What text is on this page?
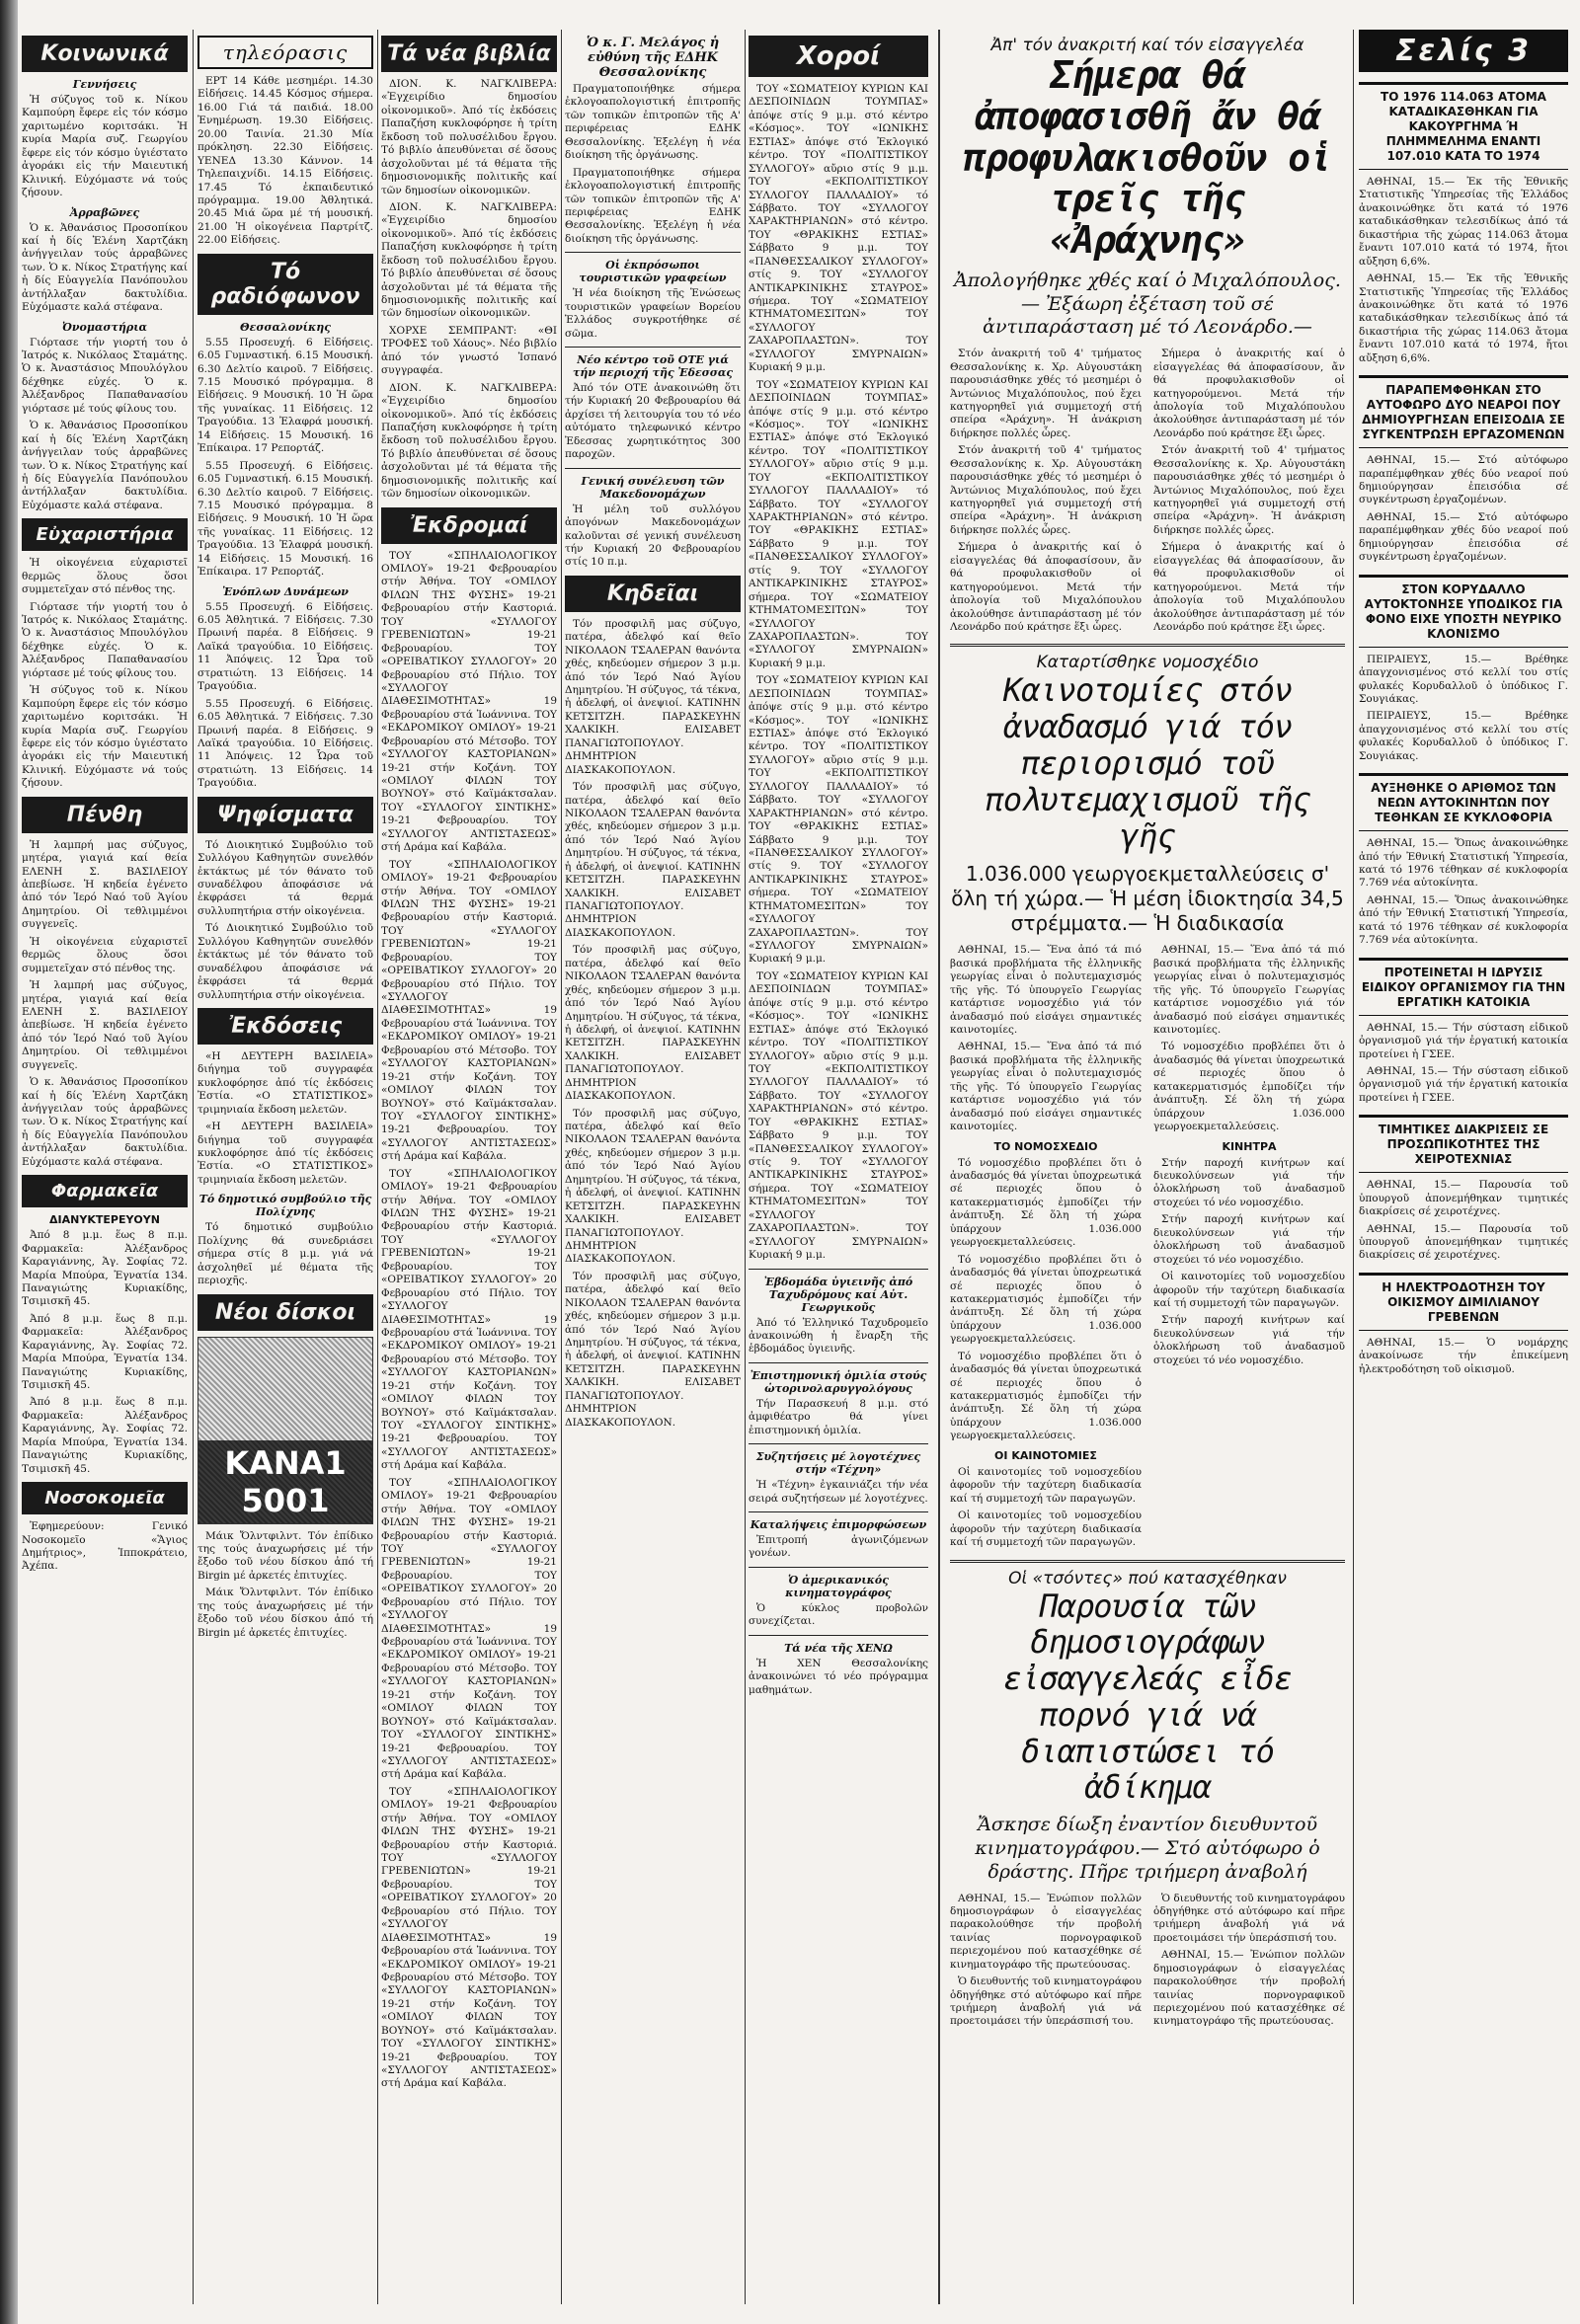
Κοινωνικά
Γεννήσεις

Ἡ σύζυγος τοῦ κ. Νίκου Καμπούρη ἔφερε εἰς τόν κόσμο χαριτωμένο κοριτσάκι. Ἡ κυρία Μαρία συζ. Γεωργίου ἔφερε εἰς τόν κόσμο ὑγιέστατο ἀγοράκι εἰς τήν Μαιευτική Κλινική. Εὐχόμαστε νά τούς ζήσουν.

Ἀρραβῶνες

Ὁ κ. Ἀθανάσιος Προσοπίκου καί ἡ δίς Ἑλένη Χαρτζάκη ἀνήγγειλαν τούς ἀρραβῶνες των. Ὁ κ. Νίκος Στρατήγης καί ἡ δίς Εὐαγγελία Πανόπουλου ἀντήλλαξαν δακτυλίδια. Εὐχόμαστε καλά στέφανα.

Ὀνομαστήρια

Γιόρτασε τήν γιορτή του ὁ Ἰατρός κ. Νικόλαος Σταμάτης. Ὁ κ. Ἀναστάσιος Μπουλόγλου δέχθηκε εὐχές. Ὁ κ. Ἀλέξανδρος Παπαθανασίου γιόρτασε μέ τούς φίλους του.

Ὁ κ. Ἀθανάσιος Προσοπίκου καί ἡ δίς Ἑλένη Χαρτζάκη ἀνήγγειλαν τούς ἀρραβῶνες των. Ὁ κ. Νίκος Στρατήγης καί ἡ δίς Εὐαγγελία Πανόπουλου ἀντήλλαξαν δακτυλίδια. Εὐχόμαστε καλά στέφανα.

Εὐχαριστήρια

Ἡ οἰκογένεια εὐχαριστεῖ θερμῶς ὅλους ὅσοι συμμετεῖχαν στό πένθος της.

Γιόρτασε τήν γιορτή του ὁ Ἰατρός κ. Νικόλαος Σταμάτης. Ὁ κ. Ἀναστάσιος Μπουλόγλου δέχθηκε εὐχές. Ὁ κ. Ἀλέξανδρος Παπαθανασίου γιόρτασε μέ τούς φίλους του.

Ἡ σύζυγος τοῦ κ. Νίκου Καμπούρη ἔφερε εἰς τόν κόσμο χαριτωμένο κοριτσάκι. Ἡ κυρία Μαρία συζ. Γεωργίου ἔφερε εἰς τόν κόσμο ὑγιέστατο ἀγοράκι εἰς τήν Μαιευτική Κλινική. Εὐχόμαστε νά τούς ζήσουν.

Πένθη

Ἡ λαμπρή μας σύζυγος, μητέρα, γιαγιά καί θεία ΕΛΕΝΗ Σ. ΒΑΣΙΛΕΙΟΥ ἀπεβίωσε. Ἡ κηδεία ἐγένετο ἀπό τόν Ἱερό Ναό τοῦ Ἁγίου Δημητρίου. Οἱ τεθλιμμένοι συγγενεῖς.

Ἡ οἰκογένεια εὐχαριστεῖ θερμῶς ὅλους ὅσοι συμμετεῖχαν στό πένθος της.

Ἡ λαμπρή μας σύζυγος, μητέρα, γιαγιά καί θεία ΕΛΕΝΗ Σ. ΒΑΣΙΛΕΙΟΥ ἀπεβίωσε. Ἡ κηδεία ἐγένετο ἀπό τόν Ἱερό Ναό τοῦ Ἁγίου Δημητρίου. Οἱ τεθλιμμένοι συγγενεῖς.

Ὁ κ. Ἀθανάσιος Προσοπίκου καί ἡ δίς Ἑλένη Χαρτζάκη ἀνήγγειλαν τούς ἀρραβῶνες των. Ὁ κ. Νίκος Στρατήγης καί ἡ δίς Εὐαγγελία Πανόπουλου ἀντήλλαξαν δακτυλίδια. Εὐχόμαστε καλά στέφανα.

Φαρμακεῖα
ΔΙΑΝΥΚΤΕΡΕΥΟΥΝ

Ἀπό 8 μ.μ. ἕως 8 π.μ. Φαρμακεῖα: Ἀλέξανδρος Καραγιάννης, Ἁγ. Σοφίας 72. Μαρία Μπούρα, Ἐγνατία 134. Παναγιώτης Κυριακίδης, Τσιμισκῆ 45.

Ἀπό 8 μ.μ. ἕως 8 π.μ. Φαρμακεῖα: Ἀλέξανδρος Καραγιάννης, Ἁγ. Σοφίας 72. Μαρία Μπούρα, Ἐγνατία 134. Παναγιώτης Κυριακίδης, Τσιμισκῆ 45.

Ἀπό 8 μ.μ. ἕως 8 π.μ. Φαρμακεῖα: Ἀλέξανδρος Καραγιάννης, Ἁγ. Σοφίας 72. Μαρία Μπούρα, Ἐγνατία 134. Παναγιώτης Κυριακίδης, Τσιμισκῆ 45.

Νοσοκομεῖα

Ἐφημερεύουν: Γενικό Νοσοκομεῖο «Ἅγιος Δημήτριος», Ἱπποκράτειο, Ἀχέπα.

τηλεόρασις

ΕΡΤ 14 Κάθε μεσημέρι. 14.30 Εἰδήσεις. 14.45 Κόσμος σήμερα. 16.00 Γιά τά παιδιά. 18.00 Ἐνημέρωση. 19.30 Εἰδήσεις. 20.00 Ταινία. 21.30 Μία πρόκληση. 22.30 Εἰδήσεις. ΥΕΝΕΔ 13.30 Κάννον. 14 Τηλεπαιχνίδι. 14.15 Εἰδήσεις. 17.45 Τό ἐκπαιδευτικό πρόγραμμα. 19.00 Ἀθλητικά. 20.45 Μιά ὥρα μέ τή μουσική. 21.00 Ἡ οἰκογένεια Παρτρίτζ. 22.00 Εἰδήσεις.

Τό ραδιόφωνον
Θεσσαλονίκης

5.55 Προσευχή. 6 Εἰδήσεις. 6.05 Γυμναστική. 6.15 Μουσική. 6.30 Δελτίο καιροῦ. 7 Εἰδήσεις. 7.15 Μουσικό πρόγραμμα. 8 Εἰδήσεις. 9 Μουσική. 10 Ἡ ὥρα τῆς γυναίκας. 11 Εἰδήσεις. 12 Τραγούδια. 13 Ἐλαφρά μουσική. 14 Εἰδήσεις. 15 Μουσική. 16 Ἐπίκαιρα. 17 Ρεπορτάζ.

5.55 Προσευχή. 6 Εἰδήσεις. 6.05 Γυμναστική. 6.15 Μουσική. 6.30 Δελτίο καιροῦ. 7 Εἰδήσεις. 7.15 Μουσικό πρόγραμμα. 8 Εἰδήσεις. 9 Μουσική. 10 Ἡ ὥρα τῆς γυναίκας. 11 Εἰδήσεις. 12 Τραγούδια. 13 Ἐλαφρά μουσική. 14 Εἰδήσεις. 15 Μουσική. 16 Ἐπίκαιρα. 17 Ρεπορτάζ.

Ἐνόπλων Δυνάμεων

5.55 Προσευχή. 6 Εἰδήσεις. 6.05 Ἀθλητικά. 7 Εἰδήσεις. 7.30 Πρωινή παρέα. 8 Εἰδήσεις. 9 Λαϊκά τραγούδια. 10 Εἰδήσεις. 11 Ἀπόψεις. 12 Ὧρα τοῦ στρατιώτη. 13 Εἰδήσεις. 14 Τραγούδια.

5.55 Προσευχή. 6 Εἰδήσεις. 6.05 Ἀθλητικά. 7 Εἰδήσεις. 7.30 Πρωινή παρέα. 8 Εἰδήσεις. 9 Λαϊκά τραγούδια. 10 Εἰδήσεις. 11 Ἀπόψεις. 12 Ὧρα τοῦ στρατιώτη. 13 Εἰδήσεις. 14 Τραγούδια.

Ψηφίσματα

Τό Διοικητικό Συμβούλιο τοῦ Συλλόγου Καθηγητῶν συνελθόν ἐκτάκτως μέ τόν θάνατο τοῦ συναδέλφου ἀποφάσισε νά ἐκφράσει τά θερμά συλλυπητήρια στήν οἰκογένεια.

Τό Διοικητικό Συμβούλιο τοῦ Συλλόγου Καθηγητῶν συνελθόν ἐκτάκτως μέ τόν θάνατο τοῦ συναδέλφου ἀποφάσισε νά ἐκφράσει τά θερμά συλλυπητήρια στήν οἰκογένεια.

Ἐκδόσεις

«Η ΔΕΥΤΕΡΗ ΒΑΣΙΛΕΙΑ» διήγημα τοῦ συγγραφέα κυκλοφόρησε ἀπό τίς ἐκδόσεις Ἐστία. «Ο ΣΤΑΤΙΣΤΙΚΟΣ» τριμηνιαία ἔκδοση μελετῶν.

«Η ΔΕΥΤΕΡΗ ΒΑΣΙΛΕΙΑ» διήγημα τοῦ συγγραφέα κυκλοφόρησε ἀπό τίς ἐκδόσεις Ἐστία. «Ο ΣΤΑΤΙΣΤΙΚΟΣ» τριμηνιαία ἔκδοση μελετῶν.

Τό δημοτικό συμβούλιο τῆς Πολίχνης

Τό δημοτικό συμβούλιο Πολίχνης θά συνεδριάσει σήμερα στίς 8 μ.μ. γιά νά ἀσχοληθεῖ μέ θέματα τῆς περιοχῆς.

Νέοι δίσκοι
ΚΑΝΑ1 5001

Μάικ Ὄλντφιλντ. Τόν ἐπίδικο της τούς ἀναχωρήσεις μέ τήν ἔξοδο τοῦ νέου δίσκου ἀπό τή Βirgin μέ ἀρκετές ἐπιτυχίες.

Μάικ Ὄλντφιλντ. Τόν ἐπίδικο της τούς ἀναχωρήσεις μέ τήν ἔξοδο τοῦ νέου δίσκου ἀπό τή Βirgin μέ ἀρκετές ἐπιτυχίες.

Τά νέα βιβλία

ΔΙΟΝ. Κ. ΝΑΓΚΛΙΒΕΡΑ: «Ἐγχειρίδιο δημοσίου οἰκονομικοῦ». Ἀπό τίς ἐκδόσεις Παπαζήση κυκλοφόρησε ἡ τρίτη ἔκδοση τοῦ πολυσέλιδου ἔργου. Τό βιβλίο ἀπευθύνεται σέ ὅσους ἀσχολοῦνται μέ τά θέματα τῆς δημοσιονομικῆς πολιτικῆς καί τῶν δημοσίων οἰκονομικῶν.

ΔΙΟΝ. Κ. ΝΑΓΚΛΙΒΕΡΑ: «Ἐγχειρίδιο δημοσίου οἰκονομικοῦ». Ἀπό τίς ἐκδόσεις Παπαζήση κυκλοφόρησε ἡ τρίτη ἔκδοση τοῦ πολυσέλιδου ἔργου. Τό βιβλίο ἀπευθύνεται σέ ὅσους ἀσχολοῦνται μέ τά θέματα τῆς δημοσιονομικῆς πολιτικῆς καί τῶν δημοσίων οἰκονομικῶν.

ΧΟΡΧΕ ΣΕΜΠΡΑΝΤ: «ΘΙ ΤΡΟΦΕΣ τοῦ Χάους». Νέο βιβλίο ἀπό τόν γνωστό Ἱσπανό συγγραφέα.

ΔΙΟΝ. Κ. ΝΑΓΚΛΙΒΕΡΑ: «Ἐγχειρίδιο δημοσίου οἰκονομικοῦ». Ἀπό τίς ἐκδόσεις Παπαζήση κυκλοφόρησε ἡ τρίτη ἔκδοση τοῦ πολυσέλιδου ἔργου. Τό βιβλίο ἀπευθύνεται σέ ὅσους ἀσχολοῦνται μέ τά θέματα τῆς δημοσιονομικῆς πολιτικῆς καί τῶν δημοσίων οἰκονομικῶν.

Ἐκδρομαί

ΤΟΥ «ΣΠΗΛΑΙΟΛΟΓΙΚΟΥ ΟΜΙΛΟΥ» 19-21 Φεβρουαρίου στήν Ἀθήνα. ΤΟΥ «ΟΜΙΛΟΥ ΦΙΛΩΝ ΤΗΣ ΦΥΣΗΣ» 19-21 Φεβρουαρίου στήν Καστοριά. ΤΟΥ «ΣΥΛΛΟΓΟΥ ΓΡΕΒΕΝΙΩΤΩΝ» 19-21 Φεβρουαρίου. ΤΟΥ «ΟΡΕΙΒΑΤΙΚΟΥ ΣΥΛΛΟΓΟΥ» 20 Φεβρουαρίου στό Πήλιο. ΤΟΥ «ΣΥΛΛΟΓΟΥ ΔΙΑΘΕΣΙΜΟΤΗΤΑΣ» 19 Φεβρουαρίου στά Ἰωάννινα. ΤΟΥ «ΕΚΔΡΟΜΙΚΟΥ ΟΜΙΛΟΥ» 19-21 Φεβρουαρίου στό Μέτσοβο. ΤΟΥ «ΣΥΛΛΟΓΟΥ ΚΑΣΤΟΡΙΑΝΩΝ» 19-21 στήν Κοζάνη. ΤΟΥ «ΟΜΙΛΟΥ ΦΙΛΩΝ ΤΟΥ ΒΟΥΝΟΥ» στό Καϊμάκτσαλαν. ΤΟΥ «ΣΥΛΛΟΓΟΥ ΣΙΝΤΙΚΗΣ» 19-21 Φεβρουαρίου. ΤΟΥ «ΣΥΛΛΟΓΟΥ ΑΝΤΙΣΤΑΣΕΩΣ» στή Δράμα καί Καβάλα.

ΤΟΥ «ΣΠΗΛΑΙΟΛΟΓΙΚΟΥ ΟΜΙΛΟΥ» 19-21 Φεβρουαρίου στήν Ἀθήνα. ΤΟΥ «ΟΜΙΛΟΥ ΦΙΛΩΝ ΤΗΣ ΦΥΣΗΣ» 19-21 Φεβρουαρίου στήν Καστοριά. ΤΟΥ «ΣΥΛΛΟΓΟΥ ΓΡΕΒΕΝΙΩΤΩΝ» 19-21 Φεβρουαρίου. ΤΟΥ «ΟΡΕΙΒΑΤΙΚΟΥ ΣΥΛΛΟΓΟΥ» 20 Φεβρουαρίου στό Πήλιο. ΤΟΥ «ΣΥΛΛΟΓΟΥ ΔΙΑΘΕΣΙΜΟΤΗΤΑΣ» 19 Φεβρουαρίου στά Ἰωάννινα. ΤΟΥ «ΕΚΔΡΟΜΙΚΟΥ ΟΜΙΛΟΥ» 19-21 Φεβρουαρίου στό Μέτσοβο. ΤΟΥ «ΣΥΛΛΟΓΟΥ ΚΑΣΤΟΡΙΑΝΩΝ» 19-21 στήν Κοζάνη. ΤΟΥ «ΟΜΙΛΟΥ ΦΙΛΩΝ ΤΟΥ ΒΟΥΝΟΥ» στό Καϊμάκτσαλαν. ΤΟΥ «ΣΥΛΛΟΓΟΥ ΣΙΝΤΙΚΗΣ» 19-21 Φεβρουαρίου. ΤΟΥ «ΣΥΛΛΟΓΟΥ ΑΝΤΙΣΤΑΣΕΩΣ» στή Δράμα καί Καβάλα.

ΤΟΥ «ΣΠΗΛΑΙΟΛΟΓΙΚΟΥ ΟΜΙΛΟΥ» 19-21 Φεβρουαρίου στήν Ἀθήνα. ΤΟΥ «ΟΜΙΛΟΥ ΦΙΛΩΝ ΤΗΣ ΦΥΣΗΣ» 19-21 Φεβρουαρίου στήν Καστοριά. ΤΟΥ «ΣΥΛΛΟΓΟΥ ΓΡΕΒΕΝΙΩΤΩΝ» 19-21 Φεβρουαρίου. ΤΟΥ «ΟΡΕΙΒΑΤΙΚΟΥ ΣΥΛΛΟΓΟΥ» 20 Φεβρουαρίου στό Πήλιο. ΤΟΥ «ΣΥΛΛΟΓΟΥ ΔΙΑΘΕΣΙΜΟΤΗΤΑΣ» 19 Φεβρουαρίου στά Ἰωάννινα. ΤΟΥ «ΕΚΔΡΟΜΙΚΟΥ ΟΜΙΛΟΥ» 19-21 Φεβρουαρίου στό Μέτσοβο. ΤΟΥ «ΣΥΛΛΟΓΟΥ ΚΑΣΤΟΡΙΑΝΩΝ» 19-21 στήν Κοζάνη. ΤΟΥ «ΟΜΙΛΟΥ ΦΙΛΩΝ ΤΟΥ ΒΟΥΝΟΥ» στό Καϊμάκτσαλαν. ΤΟΥ «ΣΥΛΛΟΓΟΥ ΣΙΝΤΙΚΗΣ» 19-21 Φεβρουαρίου. ΤΟΥ «ΣΥΛΛΟΓΟΥ ΑΝΤΙΣΤΑΣΕΩΣ» στή Δράμα καί Καβάλα.

ΤΟΥ «ΣΠΗΛΑΙΟΛΟΓΙΚΟΥ ΟΜΙΛΟΥ» 19-21 Φεβρουαρίου στήν Ἀθήνα. ΤΟΥ «ΟΜΙΛΟΥ ΦΙΛΩΝ ΤΗΣ ΦΥΣΗΣ» 19-21 Φεβρουαρίου στήν Καστοριά. ΤΟΥ «ΣΥΛΛΟΓΟΥ ΓΡΕΒΕΝΙΩΤΩΝ» 19-21 Φεβρουαρίου. ΤΟΥ «ΟΡΕΙΒΑΤΙΚΟΥ ΣΥΛΛΟΓΟΥ» 20 Φεβρουαρίου στό Πήλιο. ΤΟΥ «ΣΥΛΛΟΓΟΥ ΔΙΑΘΕΣΙΜΟΤΗΤΑΣ» 19 Φεβρουαρίου στά Ἰωάννινα. ΤΟΥ «ΕΚΔΡΟΜΙΚΟΥ ΟΜΙΛΟΥ» 19-21 Φεβρουαρίου στό Μέτσοβο. ΤΟΥ «ΣΥΛΛΟΓΟΥ ΚΑΣΤΟΡΙΑΝΩΝ» 19-21 στήν Κοζάνη. ΤΟΥ «ΟΜΙΛΟΥ ΦΙΛΩΝ ΤΟΥ ΒΟΥΝΟΥ» στό Καϊμάκτσαλαν. ΤΟΥ «ΣΥΛΛΟΓΟΥ ΣΙΝΤΙΚΗΣ» 19-21 Φεβρουαρίου. ΤΟΥ «ΣΥΛΛΟΓΟΥ ΑΝΤΙΣΤΑΣΕΩΣ» στή Δράμα καί Καβάλα.

ΤΟΥ «ΣΠΗΛΑΙΟΛΟΓΙΚΟΥ ΟΜΙΛΟΥ» 19-21 Φεβρουαρίου στήν Ἀθήνα. ΤΟΥ «ΟΜΙΛΟΥ ΦΙΛΩΝ ΤΗΣ ΦΥΣΗΣ» 19-21 Φεβρουαρίου στήν Καστοριά. ΤΟΥ «ΣΥΛΛΟΓΟΥ ΓΡΕΒΕΝΙΩΤΩΝ» 19-21 Φεβρουαρίου. ΤΟΥ «ΟΡΕΙΒΑΤΙΚΟΥ ΣΥΛΛΟΓΟΥ» 20 Φεβρουαρίου στό Πήλιο. ΤΟΥ «ΣΥΛΛΟΓΟΥ ΔΙΑΘΕΣΙΜΟΤΗΤΑΣ» 19 Φεβρουαρίου στά Ἰωάννινα. ΤΟΥ «ΕΚΔΡΟΜΙΚΟΥ ΟΜΙΛΟΥ» 19-21 Φεβρουαρίου στό Μέτσοβο. ΤΟΥ «ΣΥΛΛΟΓΟΥ ΚΑΣΤΟΡΙΑΝΩΝ» 19-21 στήν Κοζάνη. ΤΟΥ «ΟΜΙΛΟΥ ΦΙΛΩΝ ΤΟΥ ΒΟΥΝΟΥ» στό Καϊμάκτσαλαν. ΤΟΥ «ΣΥΛΛΟΓΟΥ ΣΙΝΤΙΚΗΣ» 19-21 Φεβρουαρίου. ΤΟΥ «ΣΥΛΛΟΓΟΥ ΑΝΤΙΣΤΑΣΕΩΣ» στή Δράμα καί Καβάλα.

Ὁ κ. Γ. Μελάγος ἡ εὐθύνη τῆς ΕΔΗΚ Θεσσαλονίκης

Πραγματοποιήθηκε σήμερα ἐκλογοαπολογιστική ἐπιτροπῆς τῶν τοπικῶν ἐπιτροπῶν τῆς Α' περιφέρειας ΕΔΗΚ Θεσσαλονίκης. Ἐξελέγη ἡ νέα διοίκηση τῆς ὀργάνωσης.

Πραγματοποιήθηκε σήμερα ἐκλογοαπολογιστική ἐπιτροπῆς τῶν τοπικῶν ἐπιτροπῶν τῆς Α' περιφέρειας ΕΔΗΚ Θεσσαλονίκης. Ἐξελέγη ἡ νέα διοίκηση τῆς ὀργάνωσης.

Οἱ ἐκπρόσωποι τουριστικῶν γραφείων

Ἡ νέα διοίκηση τῆς Ἑνώσεως τουριστικῶν γραφείων Βορείου Ἑλλάδος συγκροτήθηκε σέ σῶμα.

Νέο κέντρο τοῦ ΟΤΕ γιά τήν περιοχή τῆς Ἐδεσσας

Ἀπό τόν ΟΤΕ ἀνακοινώθη ὅτι τήν Κυριακή 20 Φεβρουαρίου θά ἀρχίσει τή λειτουργία του τό νέο αὐτόματο τηλεφωνικό κέντρο Ἐδεσσας χωρητικότητος 300 παροχῶν.

Γενική συνέλευση τῶν Μακεδονομάχων

Ἡ μέλη τοῦ συλλόγου ἀπογόνων Μακεδονομάχων καλοῦνται σέ γενική συνέλευση τήν Κυριακή 20 Φεβρουαρίου στίς 10 π.μ.

Κηδεῖαι

Τόν προσφιλῆ μας σύζυγο, πατέρα, ἀδελφό καί θεῖο ΝΙΚΟΛΑΟΝ ΤΣΑΛΕΡΑΝ θανόντα χθές, κηδεύομεν σήμερον 3 μ.μ. ἀπό τόν Ἱερό Ναό Ἁγίου Δημητρίου. Ἡ σύζυγος, τά τέκνα, ἡ ἀδελφή, οἱ ἀνεψιοί. ΚΑΤΙΝΗΝ ΚΕΤΣΙΤΖΗ. ΠΑΡΑΣΚΕΥΗΝ ΧΑΛΚΙΚΗ. ΕΛΙΣΑΒΕΤ ΠΑΝΑΓΙΩΤΟΠΟΥΛΟΥ. ΔΗΜΗΤΡΙΟΝ ΔΙΑΣΚΑΚΟΠΟΥΛΟΝ.

Τόν προσφιλῆ μας σύζυγο, πατέρα, ἀδελφό καί θεῖο ΝΙΚΟΛΑΟΝ ΤΣΑΛΕΡΑΝ θανόντα χθές, κηδεύομεν σήμερον 3 μ.μ. ἀπό τόν Ἱερό Ναό Ἁγίου Δημητρίου. Ἡ σύζυγος, τά τέκνα, ἡ ἀδελφή, οἱ ἀνεψιοί. ΚΑΤΙΝΗΝ ΚΕΤΣΙΤΖΗ. ΠΑΡΑΣΚΕΥΗΝ ΧΑΛΚΙΚΗ. ΕΛΙΣΑΒΕΤ ΠΑΝΑΓΙΩΤΟΠΟΥΛΟΥ. ΔΗΜΗΤΡΙΟΝ ΔΙΑΣΚΑΚΟΠΟΥΛΟΝ.

Τόν προσφιλῆ μας σύζυγο, πατέρα, ἀδελφό καί θεῖο ΝΙΚΟΛΑΟΝ ΤΣΑΛΕΡΑΝ θανόντα χθές, κηδεύομεν σήμερον 3 μ.μ. ἀπό τόν Ἱερό Ναό Ἁγίου Δημητρίου. Ἡ σύζυγος, τά τέκνα, ἡ ἀδελφή, οἱ ἀνεψιοί. ΚΑΤΙΝΗΝ ΚΕΤΣΙΤΖΗ. ΠΑΡΑΣΚΕΥΗΝ ΧΑΛΚΙΚΗ. ΕΛΙΣΑΒΕΤ ΠΑΝΑΓΙΩΤΟΠΟΥΛΟΥ. ΔΗΜΗΤΡΙΟΝ ΔΙΑΣΚΑΚΟΠΟΥΛΟΝ.

Τόν προσφιλῆ μας σύζυγο, πατέρα, ἀδελφό καί θεῖο ΝΙΚΟΛΑΟΝ ΤΣΑΛΕΡΑΝ θανόντα χθές, κηδεύομεν σήμερον 3 μ.μ. ἀπό τόν Ἱερό Ναό Ἁγίου Δημητρίου. Ἡ σύζυγος, τά τέκνα, ἡ ἀδελφή, οἱ ἀνεψιοί. ΚΑΤΙΝΗΝ ΚΕΤΣΙΤΖΗ. ΠΑΡΑΣΚΕΥΗΝ ΧΑΛΚΙΚΗ. ΕΛΙΣΑΒΕΤ ΠΑΝΑΓΙΩΤΟΠΟΥΛΟΥ. ΔΗΜΗΤΡΙΟΝ ΔΙΑΣΚΑΚΟΠΟΥΛΟΝ.

Τόν προσφιλῆ μας σύζυγο, πατέρα, ἀδελφό καί θεῖο ΝΙΚΟΛΑΟΝ ΤΣΑΛΕΡΑΝ θανόντα χθές, κηδεύομεν σήμερον 3 μ.μ. ἀπό τόν Ἱερό Ναό Ἁγίου Δημητρίου. Ἡ σύζυγος, τά τέκνα, ἡ ἀδελφή, οἱ ἀνεψιοί. ΚΑΤΙΝΗΝ ΚΕΤΣΙΤΖΗ. ΠΑΡΑΣΚΕΥΗΝ ΧΑΛΚΙΚΗ. ΕΛΙΣΑΒΕΤ ΠΑΝΑΓΙΩΤΟΠΟΥΛΟΥ. ΔΗΜΗΤΡΙΟΝ ΔΙΑΣΚΑΚΟΠΟΥΛΟΝ.

Χοροί

ΤΟΥ «ΣΩΜΑΤΕΙΟΥ ΚΥΡΙΩΝ ΚΑΙ ΔΕΣΠΟΙΝΙΔΩΝ ΤΟΥΜΠΑΣ» ἀπόψε στίς 9 μ.μ. στό κέντρο «Κόσμος». ΤΟΥ «ΙΩΝΙΚΗΣ ΕΣΤΙΑΣ» ἀπόψε στό Ἐκλογικό κέντρο. ΤΟΥ «ΠΟΛΙΤΙΣΤΙΚΟΥ ΣΥΛΛΟΓΟΥ» αὔριο στίς 9 μ.μ. ΤΟΥ «ΕΚΠΟΛΙΤΙΣΤΙΚΟΥ ΣΥΛΛΟΓΟΥ ΠΑΛΛΑΔΙΟΥ» τό Σάββατο. ΤΟΥ «ΣΥΛΛΟΓΟΥ ΧΑΡΑΚΤΗΡΙΑΝΩΝ» στό κέντρο. ΤΟΥ «ΘΡΑΚΙΚΗΣ ΕΣΤΙΑΣ» Σάββατο 9 μ.μ. ΤΟΥ «ΠΑΝΘΕΣΣΑΛΙΚΟΥ ΣΥΛΛΟΓΟΥ» στίς 9. ΤΟΥ «ΣΥΛΛΟΓΟΥ ΑΝΤΙΚΑΡΚΙΝΙΚΗΣ ΣΤΑΥΡΟΣ» σήμερα. ΤΟΥ «ΣΩΜΑΤΕΙΟΥ ΚΤΗΜΑΤΟΜΕΣΙΤΩΝ» ΤΟΥ «ΣΥΛΛΟΓΟΥ ΖΑΧΑΡΟΠΛΑΣΤΩΝ». ΤΟΥ «ΣΥΛΛΟΓΟΥ ΣΜΥΡΝΑΙΩΝ» Κυριακή 9 μ.μ.

ΤΟΥ «ΣΩΜΑΤΕΙΟΥ ΚΥΡΙΩΝ ΚΑΙ ΔΕΣΠΟΙΝΙΔΩΝ ΤΟΥΜΠΑΣ» ἀπόψε στίς 9 μ.μ. στό κέντρο «Κόσμος». ΤΟΥ «ΙΩΝΙΚΗΣ ΕΣΤΙΑΣ» ἀπόψε στό Ἐκλογικό κέντρο. ΤΟΥ «ΠΟΛΙΤΙΣΤΙΚΟΥ ΣΥΛΛΟΓΟΥ» αὔριο στίς 9 μ.μ. ΤΟΥ «ΕΚΠΟΛΙΤΙΣΤΙΚΟΥ ΣΥΛΛΟΓΟΥ ΠΑΛΛΑΔΙΟΥ» τό Σάββατο. ΤΟΥ «ΣΥΛΛΟΓΟΥ ΧΑΡΑΚΤΗΡΙΑΝΩΝ» στό κέντρο. ΤΟΥ «ΘΡΑΚΙΚΗΣ ΕΣΤΙΑΣ» Σάββατο 9 μ.μ. ΤΟΥ «ΠΑΝΘΕΣΣΑΛΙΚΟΥ ΣΥΛΛΟΓΟΥ» στίς 9. ΤΟΥ «ΣΥΛΛΟΓΟΥ ΑΝΤΙΚΑΡΚΙΝΙΚΗΣ ΣΤΑΥΡΟΣ» σήμερα. ΤΟΥ «ΣΩΜΑΤΕΙΟΥ ΚΤΗΜΑΤΟΜΕΣΙΤΩΝ» ΤΟΥ «ΣΥΛΛΟΓΟΥ ΖΑΧΑΡΟΠΛΑΣΤΩΝ». ΤΟΥ «ΣΥΛΛΟΓΟΥ ΣΜΥΡΝΑΙΩΝ» Κυριακή 9 μ.μ.

ΤΟΥ «ΣΩΜΑΤΕΙΟΥ ΚΥΡΙΩΝ ΚΑΙ ΔΕΣΠΟΙΝΙΔΩΝ ΤΟΥΜΠΑΣ» ἀπόψε στίς 9 μ.μ. στό κέντρο «Κόσμος». ΤΟΥ «ΙΩΝΙΚΗΣ ΕΣΤΙΑΣ» ἀπόψε στό Ἐκλογικό κέντρο. ΤΟΥ «ΠΟΛΙΤΙΣΤΙΚΟΥ ΣΥΛΛΟΓΟΥ» αὔριο στίς 9 μ.μ. ΤΟΥ «ΕΚΠΟΛΙΤΙΣΤΙΚΟΥ ΣΥΛΛΟΓΟΥ ΠΑΛΛΑΔΙΟΥ» τό Σάββατο. ΤΟΥ «ΣΥΛΛΟΓΟΥ ΧΑΡΑΚΤΗΡΙΑΝΩΝ» στό κέντρο. ΤΟΥ «ΘΡΑΚΙΚΗΣ ΕΣΤΙΑΣ» Σάββατο 9 μ.μ. ΤΟΥ «ΠΑΝΘΕΣΣΑΛΙΚΟΥ ΣΥΛΛΟΓΟΥ» στίς 9. ΤΟΥ «ΣΥΛΛΟΓΟΥ ΑΝΤΙΚΑΡΚΙΝΙΚΗΣ ΣΤΑΥΡΟΣ» σήμερα. ΤΟΥ «ΣΩΜΑΤΕΙΟΥ ΚΤΗΜΑΤΟΜΕΣΙΤΩΝ» ΤΟΥ «ΣΥΛΛΟΓΟΥ ΖΑΧΑΡΟΠΛΑΣΤΩΝ». ΤΟΥ «ΣΥΛΛΟΓΟΥ ΣΜΥΡΝΑΙΩΝ» Κυριακή 9 μ.μ.

ΤΟΥ «ΣΩΜΑΤΕΙΟΥ ΚΥΡΙΩΝ ΚΑΙ ΔΕΣΠΟΙΝΙΔΩΝ ΤΟΥΜΠΑΣ» ἀπόψε στίς 9 μ.μ. στό κέντρο «Κόσμος». ΤΟΥ «ΙΩΝΙΚΗΣ ΕΣΤΙΑΣ» ἀπόψε στό Ἐκλογικό κέντρο. ΤΟΥ «ΠΟΛΙΤΙΣΤΙΚΟΥ ΣΥΛΛΟΓΟΥ» αὔριο στίς 9 μ.μ. ΤΟΥ «ΕΚΠΟΛΙΤΙΣΤΙΚΟΥ ΣΥΛΛΟΓΟΥ ΠΑΛΛΑΔΙΟΥ» τό Σάββατο. ΤΟΥ «ΣΥΛΛΟΓΟΥ ΧΑΡΑΚΤΗΡΙΑΝΩΝ» στό κέντρο. ΤΟΥ «ΘΡΑΚΙΚΗΣ ΕΣΤΙΑΣ» Σάββατο 9 μ.μ. ΤΟΥ «ΠΑΝΘΕΣΣΑΛΙΚΟΥ ΣΥΛΛΟΓΟΥ» στίς 9. ΤΟΥ «ΣΥΛΛΟΓΟΥ ΑΝΤΙΚΑΡΚΙΝΙΚΗΣ ΣΤΑΥΡΟΣ» σήμερα. ΤΟΥ «ΣΩΜΑΤΕΙΟΥ ΚΤΗΜΑΤΟΜΕΣΙΤΩΝ» ΤΟΥ «ΣΥΛΛΟΓΟΥ ΖΑΧΑΡΟΠΛΑΣΤΩΝ». ΤΟΥ «ΣΥΛΛΟΓΟΥ ΣΜΥΡΝΑΙΩΝ» Κυριακή 9 μ.μ.

Ἐβδομάδα ὑγιεινῆς ἀπό Ταχυδρόμους καί Αὐτ. Γεωργικοῦς

Ἀπό τό Ἐλληνικό Ταχυδρομεῖο ἀνακοινώθη ἡ ἔναρξη τῆς ἑβδομάδος ὑγιεινῆς.

Ἐπιστημονική ὁμιλία στούς ὠτορινολαρυγγολόγους

Τήν Παρασκευή 8 μ.μ. στό ἀμφιθέατρο θά γίνει ἐπιστημονική ὁμιλία.

Συζητήσεις μέ λογοτέχνες στήν «Τέχνη»

Ἡ «Τέχνη» ἐγκαινιάζει τήν νέα σειρά συζητήσεων μέ λογοτέχνες.

Καταλήψεις ἐπιμορφώσεων

Ἐπιτροπή ἀγωνιζόμενων γονέων.

Ὁ ἀμερικανικός κινηματογράφος

Ὁ κύκλος προβολῶν συνεχίζεται.

Τά νέα τῆς ΧΕΝΩ

Ἡ ΧΕΝ Θεσσαλονίκης ἀνακοινώνει τό νέο πρόγραμμα μαθημάτων.

Ἀπ' τόν ἀνακριτή καί τόν εἰσαγγελέα
Σήμερα θά ἀποφασισθῆ ἄν θά προφυλακισθοῦν οἱ τρεῖς τῆς «Ἀράχνης»
Ἀπολογήθηκε χθές καί ὁ Μιχαλόπουλος.— Ἐξάωρη ἐξέταση τοῦ σέ ἀντιπαράσταση μέ τό Λεονάρδο.—

Στόν ἀνακριτή τοῦ 4' τμήματος Θεσσαλονίκης κ. Χρ. Αὐγουστάκη παρουσιάσθηκε χθές τό μεσημέρι ὁ Ἀντώνιος Μιχαλόπουλος, πού ἔχει κατηγορηθεῖ γιά συμμετοχή στή σπείρα «Ἀράχνη». Ἡ ἀνάκριση διήρκησε πολλές ὧρες.

Στόν ἀνακριτή τοῦ 4' τμήματος Θεσσαλονίκης κ. Χρ. Αὐγουστάκη παρουσιάσθηκε χθές τό μεσημέρι ὁ Ἀντώνιος Μιχαλόπουλος, πού ἔχει κατηγορηθεῖ γιά συμμετοχή στή σπείρα «Ἀράχνη». Ἡ ἀνάκριση διήρκησε πολλές ὧρες.

Σήμερα ὁ ἀνακριτής καί ὁ εἰσαγγελέας θά ἀποφασίσουν, ἄν θά προφυλακισθοῦν οἱ κατηγορούμενοι. Μετά τήν ἀπολογία τοῦ Μιχαλόπουλου ἀκολούθησε ἀντιπαράσταση μέ τόν Λεονάρδο πού κράτησε ἕξι ὧρες.

Σήμερα ὁ ἀνακριτής καί ὁ εἰσαγγελέας θά ἀποφασίσουν, ἄν θά προφυλακισθοῦν οἱ κατηγορούμενοι. Μετά τήν ἀπολογία τοῦ Μιχαλόπουλου ἀκολούθησε ἀντιπαράσταση μέ τόν Λεονάρδο πού κράτησε ἕξι ὧρες.

Στόν ἀνακριτή τοῦ 4' τμήματος Θεσσαλονίκης κ. Χρ. Αὐγουστάκη παρουσιάσθηκε χθές τό μεσημέρι ὁ Ἀντώνιος Μιχαλόπουλος, πού ἔχει κατηγορηθεῖ γιά συμμετοχή στή σπείρα «Ἀράχνη». Ἡ ἀνάκριση διήρκησε πολλές ὧρες.

Σήμερα ὁ ἀνακριτής καί ὁ εἰσαγγελέας θά ἀποφασίσουν, ἄν θά προφυλακισθοῦν οἱ κατηγορούμενοι. Μετά τήν ἀπολογία τοῦ Μιχαλόπουλου ἀκολούθησε ἀντιπαράσταση μέ τόν Λεονάρδο πού κράτησε ἕξι ὧρες.

Καταρτίσθηκε νομοσχέδιο
Καινοτομίες στόν ἀναδασμό γιά τόν περιορισμό τοῦ πολυτεμαχισμοῦ τῆς γῆς
1.036.000 γεωργοεκμεταλλεύσεις σ' ὅλη τή χώρα.— Ἡ μέση ἰδιοκτησία 34,5 στρέμματα.— Ἡ διαδικασία

ΑΘΗΝΑΙ, 15.— Ἕνα ἀπό τά πιό βασικά προβλήματα τῆς ἑλληνικῆς γεωργίας εἶναι ὁ πολυτεμαχισμός τῆς γῆς. Τό ὑπουργεῖο Γεωργίας κατάρτισε νομοσχέδιο γιά τόν ἀναδασμό πού εἰσάγει σημαντικές καινοτομίες.

ΑΘΗΝΑΙ, 15.— Ἕνα ἀπό τά πιό βασικά προβλήματα τῆς ἑλληνικῆς γεωργίας εἶναι ὁ πολυτεμαχισμός τῆς γῆς. Τό ὑπουργεῖο Γεωργίας κατάρτισε νομοσχέδιο γιά τόν ἀναδασμό πού εἰσάγει σημαντικές καινοτομίες.

ΤΟ ΝΟΜΟΣΧΕΔΙΟ

Τό νομοσχέδιο προβλέπει ὅτι ὁ ἀναδασμός θά γίνεται ὑποχρεωτικά σέ περιοχές ὅπου ὁ κατακερματισμός ἐμποδίζει τήν ἀνάπτυξη. Σέ ὅλη τή χώρα ὑπάρχουν 1.036.000 γεωργοεκμεταλλεύσεις.

Τό νομοσχέδιο προβλέπει ὅτι ὁ ἀναδασμός θά γίνεται ὑποχρεωτικά σέ περιοχές ὅπου ὁ κατακερματισμός ἐμποδίζει τήν ἀνάπτυξη. Σέ ὅλη τή χώρα ὑπάρχουν 1.036.000 γεωργοεκμεταλλεύσεις.

Τό νομοσχέδιο προβλέπει ὅτι ὁ ἀναδασμός θά γίνεται ὑποχρεωτικά σέ περιοχές ὅπου ὁ κατακερματισμός ἐμποδίζει τήν ἀνάπτυξη. Σέ ὅλη τή χώρα ὑπάρχουν 1.036.000 γεωργοεκμεταλλεύσεις.

ΟΙ ΚΑΙΝΟΤΟΜΙΕΣ

Οἱ καινοτομίες τοῦ νομοσχεδίου ἀφοροῦν τήν ταχύτερη διαδικασία καί τή συμμετοχή τῶν παραγωγῶν.

Οἱ καινοτομίες τοῦ νομοσχεδίου ἀφοροῦν τήν ταχύτερη διαδικασία καί τή συμμετοχή τῶν παραγωγῶν.

ΑΘΗΝΑΙ, 15.— Ἕνα ἀπό τά πιό βασικά προβλήματα τῆς ἑλληνικῆς γεωργίας εἶναι ὁ πολυτεμαχισμός τῆς γῆς. Τό ὑπουργεῖο Γεωργίας κατάρτισε νομοσχέδιο γιά τόν ἀναδασμό πού εἰσάγει σημαντικές καινοτομίες.

Τό νομοσχέδιο προβλέπει ὅτι ὁ ἀναδασμός θά γίνεται ὑποχρεωτικά σέ περιοχές ὅπου ὁ κατακερματισμός ἐμποδίζει τήν ἀνάπτυξη. Σέ ὅλη τή χώρα ὑπάρχουν 1.036.000 γεωργοεκμεταλλεύσεις.

ΚΙΝΗΤΡΑ

Στήν παροχή κινήτρων καί διευκολύνσεων γιά τήν ὁλοκλήρωση τοῦ ἀναδασμοῦ στοχεύει τό νέο νομοσχέδιο.

Στήν παροχή κινήτρων καί διευκολύνσεων γιά τήν ὁλοκλήρωση τοῦ ἀναδασμοῦ στοχεύει τό νέο νομοσχέδιο.

Οἱ καινοτομίες τοῦ νομοσχεδίου ἀφοροῦν τήν ταχύτερη διαδικασία καί τή συμμετοχή τῶν παραγωγῶν.

Στήν παροχή κινήτρων καί διευκολύνσεων γιά τήν ὁλοκλήρωση τοῦ ἀναδασμοῦ στοχεύει τό νέο νομοσχέδιο.

Οἱ «τσόντες» πού κατασχέθηκαν
Παρουσία τῶν δημοσιογράφων εἰσαγγελεάς εἶδε πορνό γιά νά διαπιστώσει τό ἀδίκημα
Ἄσκησε δίωξη ἐναντίον διευθυντοῦ κινηματογράφου.— Στό αὐτόφωρο ὁ δράστης. Πῆρε τριήμερη ἀναβολή

ΑΘΗΝΑΙ, 15.— Ἐνώπιον πολλῶν δημοσιογράφων ὁ εἰσαγγελέας παρακολούθησε τήν προβολή ταινίας πορνογραφικοῦ περιεχομένου πού κατασχέθηκε σέ κινηματογράφο τῆς πρωτεύουσας.

Ὁ διευθυντής τοῦ κινηματογράφου ὁδηγήθηκε στό αὐτόφωρο καί πῆρε τριήμερη ἀναβολή γιά νά προετοιμάσει τήν ὑπεράσπισή του.

Ὁ διευθυντής τοῦ κινηματογράφου ὁδηγήθηκε στό αὐτόφωρο καί πῆρε τριήμερη ἀναβολή γιά νά προετοιμάσει τήν ὑπεράσπισή του.

ΑΘΗΝΑΙ, 15.— Ἐνώπιον πολλῶν δημοσιογράφων ὁ εἰσαγγελέας παρακολούθησε τήν προβολή ταινίας πορνογραφικοῦ περιεχομένου πού κατασχέθηκε σέ κινηματογράφο τῆς πρωτεύουσας.

Σελίς 3
ΤΟ 1976 114.063 ΑΤΟΜΑ ΚΑΤΑΔΙΚΑΣΘΗΚΑΝ ΓΙΑ ΚΑΚΟΥΡΓΗΜΑ Ή ΠΛΗΜΜΕΛΗΜΑ ΕΝΑΝΤΙ 107.010 ΚΑΤΑ ΤΟ 1974

ΑΘΗΝΑΙ, 15.— Ἐκ τῆς Ἐθνικῆς Στατιστικῆς Ὑπηρεσίας τῆς Ἑλλάδος ἀνακοινώθηκε ὅτι κατά τό 1976 καταδικάσθηκαν τελεσιδίκως ἀπό τά δικαστήρια τῆς χώρας 114.063 ἄτομα ἔναντι 107.010 κατά τό 1974, ἤτοι αὔξηση 6,6%.

ΑΘΗΝΑΙ, 15.— Ἐκ τῆς Ἐθνικῆς Στατιστικῆς Ὑπηρεσίας τῆς Ἑλλάδος ἀνακοινώθηκε ὅτι κατά τό 1976 καταδικάσθηκαν τελεσιδίκως ἀπό τά δικαστήρια τῆς χώρας 114.063 ἄτομα ἔναντι 107.010 κατά τό 1974, ἤτοι αὔξηση 6,6%.

ΠΑΡΑΠΕΜΦΘΗΚΑΝ ΣΤΟ ΑΥΤΟΦΩΡΟ ΔΥΟ ΝΕΑΡΟΙ ΠΟΥ ΔΗΜΙΟΥΡΓΗΣΑΝ ΕΠΕΙΣΟΔΙΑ ΣΕ ΣΥΓΚΕΝΤΡΩΣΗ ΕΡΓΑΖΟΜΕΝΩΝ

ΑΘΗΝΑΙ, 15.— Στό αὐτόφωρο παραπέμφθηκαν χθές δύο νεαροί πού δημιούργησαν ἐπεισόδια σέ συγκέντρωση ἐργαζομένων.

ΑΘΗΝΑΙ, 15.— Στό αὐτόφωρο παραπέμφθηκαν χθές δύο νεαροί πού δημιούργησαν ἐπεισόδια σέ συγκέντρωση ἐργαζομένων.

ΣΤΟΝ ΚΟΡΥΔΑΛΛΟ ΑΥΤΟΚΤΟΝΗΣΕ ΥΠΟΔΙΚΟΣ ΓΙΑ ΦΟΝΟ ΕΙΧΕ ΥΠΟΣΤΗ ΝΕΥΡΙΚΟ ΚΛΟΝΙΣΜΟ

ΠΕΙΡΑΙΕΥΣ, 15.— Βρέθηκε ἀπαγχονισμένος στό κελλί του στίς φυλακές Κορυδαλλοῦ ὁ ὑπόδικος Γ. Σουγιάκας.

ΠΕΙΡΑΙΕΥΣ, 15.— Βρέθηκε ἀπαγχονισμένος στό κελλί του στίς φυλακές Κορυδαλλοῦ ὁ ὑπόδικος Γ. Σουγιάκας.

ΑΥΞΗΘΗΚΕ Ο ΑΡΙΘΜΟΣ ΤΩΝ ΝΕΩΝ ΑΥΤΟΚΙΝΗΤΩΝ ΠΟΥ ΤΕΘΗΚΑΝ ΣΕ ΚΥΚΛΟΦΟΡΙΑ

ΑΘΗΝΑΙ, 15.— Ὅπως ἀνακοινώθηκε ἀπό τήν Ἐθνική Στατιστική Ὑπηρεσία, κατά τό 1976 τέθηκαν σέ κυκλοφορία 7.769 νέα αὐτοκίνητα.

ΑΘΗΝΑΙ, 15.— Ὅπως ἀνακοινώθηκε ἀπό τήν Ἐθνική Στατιστική Ὑπηρεσία, κατά τό 1976 τέθηκαν σέ κυκλοφορία 7.769 νέα αὐτοκίνητα.

ΠΡΟΤΕΙΝΕΤΑΙ Η ΙΔΡΥΣΙΣ ΕΙΔΙΚΟΥ ΟΡΓΑΝΙΣΜΟΥ ΓΙΑ ΤΗΝ ΕΡΓΑΤΙΚΗ ΚΑΤΟΙΚΙΑ

ΑΘΗΝΑΙ, 15.— Τήν σύσταση εἰδικοῦ ὀργανισμοῦ γιά τήν ἐργατική κατοικία προτείνει ἡ ΓΣΕΕ.

ΑΘΗΝΑΙ, 15.— Τήν σύσταση εἰδικοῦ ὀργανισμοῦ γιά τήν ἐργατική κατοικία προτείνει ἡ ΓΣΕΕ.

ΤΙΜΗΤΙΚΕΣ ΔΙΑΚΡΙΣΕΙΣ ΣΕ ΠΡΟΣΩΠΙΚΟΤΗΤΕΣ ΤΗΣ ΧΕΙΡΟΤΕΧΝΙΑΣ

ΑΘΗΝΑΙ, 15.— Παρουσία τοῦ ὑπουργοῦ ἀπονεμήθηκαν τιμητικές διακρίσεις σέ χειροτέχνες.

ΑΘΗΝΑΙ, 15.— Παρουσία τοῦ ὑπουργοῦ ἀπονεμήθηκαν τιμητικές διακρίσεις σέ χειροτέχνες.

Η ΗΛΕΚΤΡΟΔΟΤΗΣΗ ΤΟΥ ΟΙΚΙΣΜΟΥ ΔΙΜΙΛΙΑΝΟΥ ΓΡΕΒΕΝΩΝ

ΑΘΗΝΑΙ, 15.— Ὁ νομάρχης ἀνακοίνωσε τήν ἐπικείμενη ἠλεκτροδότηση τοῦ οἰκισμοῦ.
